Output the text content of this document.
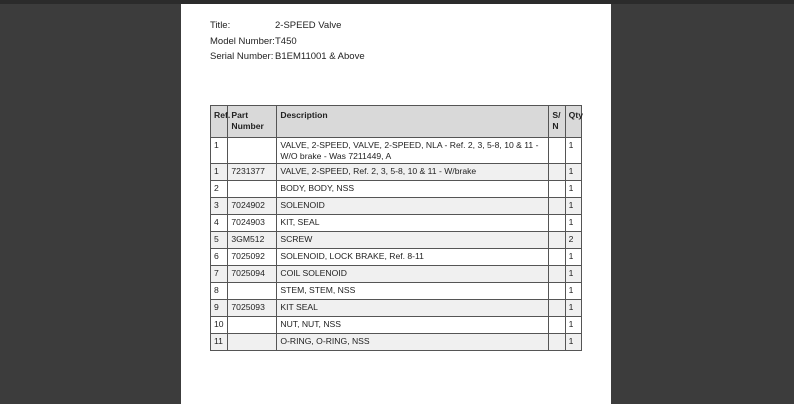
Title:	2-SPEED Valve
Model Number: T450
Serial Number: B1EM11001 & Above
Ref.	Part Number	Description	S/ N	Qty
1		VALVE, 2-SPEED, VALVE, 2-SPEED, NLA - Ref. 2, 3, 5-8, 10 & 11 - W/O brake - Was 7211449, A		1
1	7231377	VALVE, 2-SPEED, Ref. 2, 3, 5-8, 10 & 11 - W/brake		1
2		BODY, BODY, NSS		1
3	7024902	SOLENOID		1
4	7024903	KIT, SEAL		1
5	3GM512	SCREW		2
6	7025092	SOLENOID, LOCK BRAKE, Ref. 8-11		1
7	7025094	COIL SOLENOID		1
8		STEM, STEM, NSS		1
9	7025093	KIT SEAL		1
10		NUT, NUT, NSS		1
11		O-RING, O-RING, NSS		1
